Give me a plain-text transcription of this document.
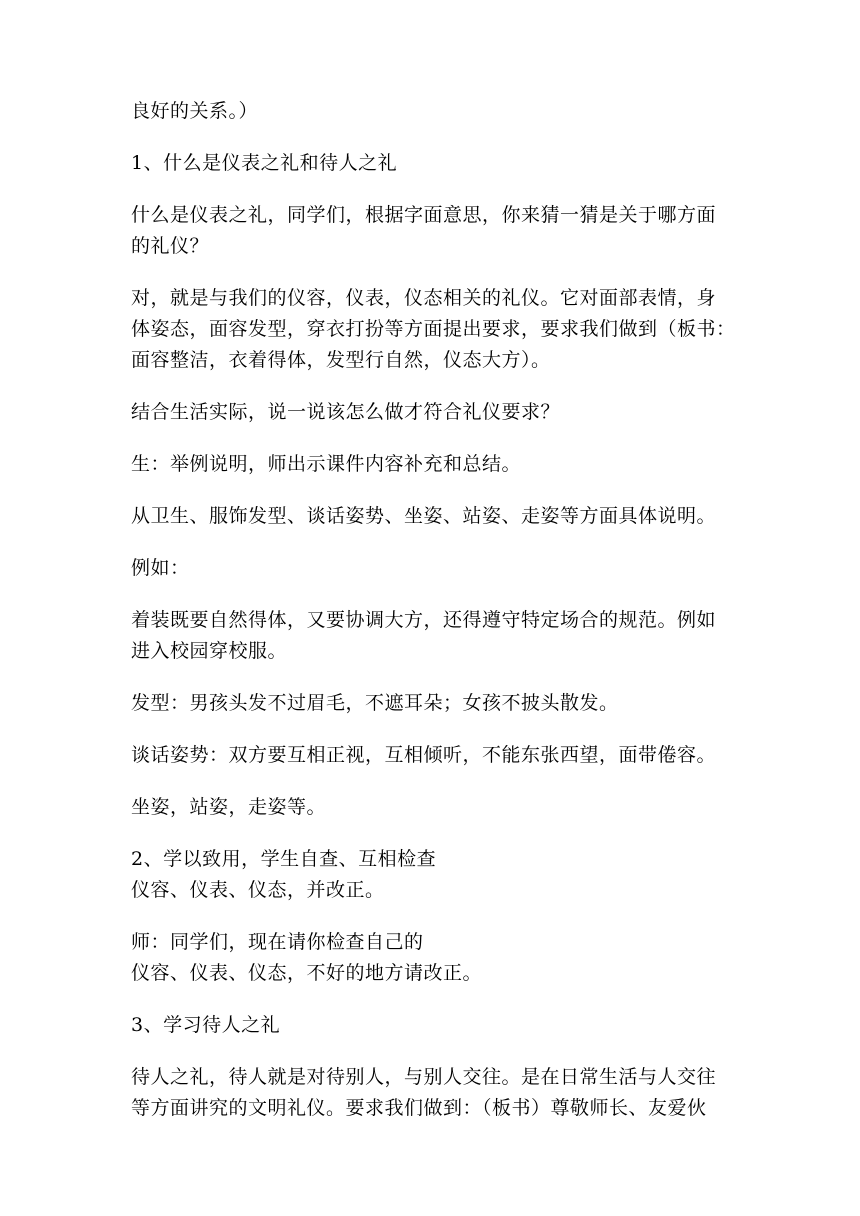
良好的关系。）

1、什么是仪表之礼和待人之礼

什么是仪表之礼，同学们，根据字面意思，你来猜一猜是关于哪方面
的礼仪？

对，就是与我们的仪容，仪表，仪态相关的礼仪。它对面部表情，身
体姿态，面容发型，穿衣打扮等方面提出要求，要求我们做到（板书：
面容整洁，衣着得体，发型行自然，仪态大方）。

结合生活实际，说一说该怎么做才符合礼仪要求？

生：举例说明，师出示课件内容补充和总结。

从卫生、服饰发型、谈话姿势、坐姿、站姿、走姿等方面具体说明。

例如：

着装既要自然得体，又要协调大方，还得遵守特定场合的规范。例如
进入校园穿校服。

发型：男孩头发不过眉毛，不遮耳朵；女孩不披头散发。

谈话姿势：双方要互相正视，互相倾听，不能东张西望，面带倦容。

坐姿，站姿，走姿等。

2、学以致用，学生自查、互相检查
仪容、仪表、仪态，并改正。

师：同学们，现在请你检查自己的
仪容、仪表、仪态，不好的地方请改正。

3、学习待人之礼

待人之礼，待人就是对待别人，与别人交往。是在日常生活与人交往
等方面讲究的文明礼仪。要求我们做到：（板书）尊敬师长、友爱伙
